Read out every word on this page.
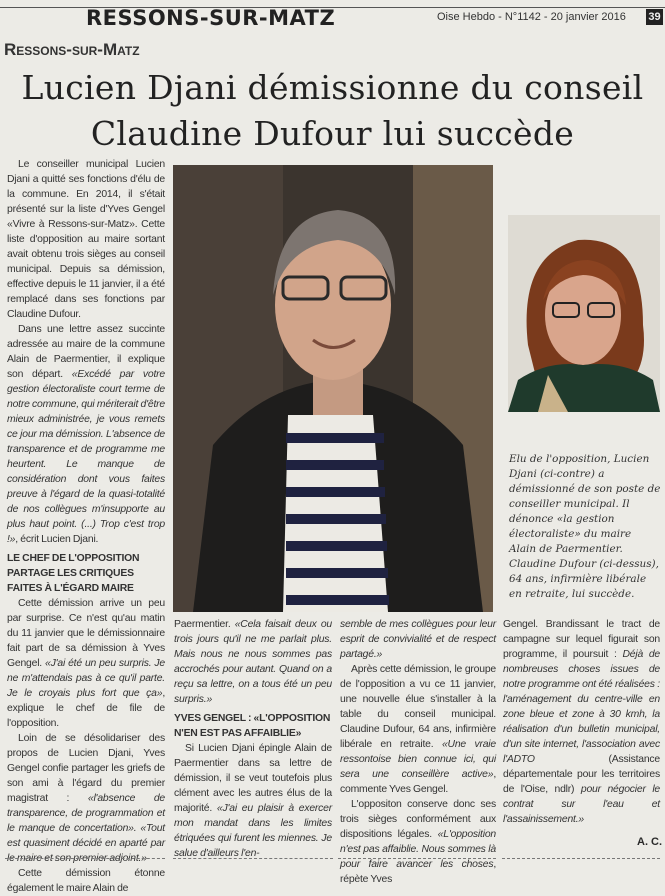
RESSONS-SUR-MATZ	Oise Hebdo - N°1142 - 20 janvier 2016 39
Ressons-sur-Matz
Lucien Djani démissionne du conseil
Claudine Dufour lui succède

Le conseiller municipal Lucien Djani a quitté ses fonctions d'élu de la commune. En 2014, il s'était présenté sur la liste d'Yves Gengel «Vivre à Ressons-sur-Matz». Cette liste d'opposition au maire sortant avait obtenu trois sièges au conseil municipal. Depuis sa démission, effective depuis le 11 janvier, il a été remplacé dans ses fonctions par Claudine Dufour.

Dans une lettre assez succinte adressée au maire de la commune Alain de Paermentier, il explique son départ. «Excédé par votre gestion électoraliste court terme de notre commune, qui mériterait d'être mieux administrée, je vous remets ce jour ma démission. L'absence de transparence et de programme me heurtent. Le manque de considération dont vous faites preuve à l'égard de la quasi-totalité de nos collègues m'insupporte au plus haut point. (...) Trop c'est trop !», écrit Lucien Djani.

LE CHEF DE L'OPPOSITION PARTAGE LES CRITIQUES FAITES À L'ÉGARD MAIRE

Cette démission arrive un peu par surprise. Ce n'est qu'au matin du 11 janvier que le démissionnaire fait part de sa démission à Yves Gengel. «J'ai été un peu surpris. Je ne m'attendais pas à ce qu'il parte. Je le croyais plus fort que ça», explique le chef de file de l'opposition.

Loin de se désolidariser des propos de Lucien Djani, Yves Gengel confie partager les griefs de son ami à l'égard du premier magistrat : «l'absence de transparence, de programmation et le manque de concertation». «Tout est quasiment décidé en aparté par le maire et son premier adjoint.»

Cette démission étonne également le maire Alain de

Elu de l'opposition, Lucien Djani (ci-contre) a démissionné de son poste de conseiller municipal. Il dénonce «la gestion électoraliste» du maire Alain de Paermentier. Claudine Dufour (ci-dessus), 64 ans, infirmière libérale en retraite, lui succède.

Paermentier. «Cela faisait deux ou trois jours qu'il ne me parlait plus. Mais nous ne nous sommes pas accrochés pour autant. Quand on a reçu sa lettre, on a tous été un peu surpris.»

YVES GENGEL : «L'OPPOSITION N'EN EST PAS AFFAIBLIE»

Si Lucien Djani épingle Alain de Paermentier dans sa lettre de démission, il se veut toutefois plus clément avec les autres élus de la majorité. «J'ai eu plaisir à exercer mon mandat dans les limites étriquées qui furent les miennes. Je salue d'ailleurs l'en-

semble de mes collègues pour leur esprit de convivialité et de respect partagé.»

Après cette démission, le groupe de l'opposition a vu ce 11 janvier, une nouvelle élue s'installer à la table du conseil municipal. Claudine Dufour, 64 ans, infirmière libérale en retraite. «Une vraie ressontoise bien connue ici, qui sera une conseillère active», commente Yves Gengel.

L'oppositon conserve donc ses trois sièges conformément aux dispositions légales. «L'opposition n'est pas affaiblie. Nous sommes là pour faire avancer les choses, répète Yves

Gengel. Brandissant le tract de campagne sur lequel figurait son programme, il poursuit : Déjà de nombreuses choses issues de notre programme ont été réalisées : l'aménagement du centre-ville en zone bleue et zone à 30 kmh, la réalisation d'un bulletin municipal, d'un site internet, l'association avec l'ADTO (Assistance départementale pour les territoires de l'Oise, ndlr) pour négocier le contrat sur l'eau et l'assainissement.»

A. C.
